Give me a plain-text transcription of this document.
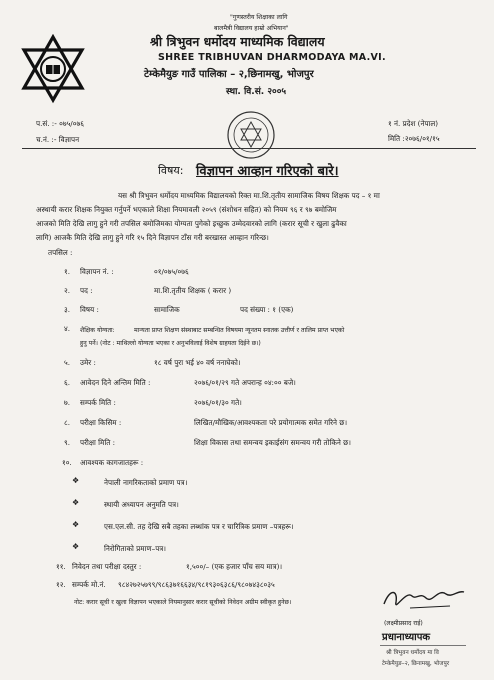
"गुणस्तरीय शिक्षाका लागि
बालमैत्री विद्यालय हाम्रो अभियान"
श्री त्रिभुवन धर्मोदय माध्यमिक विद्यालय
SHREE TRIBHUVAN DHARMODAYA MA.VI.
टेम्केमैयुङ गाउँ पालिका – २,छिनामखु, भोजपुर
स्था. वि.सं. २००५
प.सं. :- ०७५/०७६
च.नं. :- विज्ञापन
१ नं. प्रदेश (नेपाल)
मिति :२०७६/०१/१५
विषय: विज्ञापन आव्हान गरिएको बारे।
यस श्री त्रिभुवन धर्मोदय माध्यमिक विद्यालयको रिक्त मा.शि.तृतीय सामाजिक विषय शिक्षक पद – १ मा
अस्थायी करार शिक्षक नियुक्त गर्नुपर्ने भएकाले शिक्षा नियमावली २०५९ (संशोधन सहित) को नियम ९६ र ९७ बमोजिम
आजको मिति देखि लागु हुने गरी तपसिल बमोजिमका योग्यता पुगेको इच्छुक उम्मेदवारको लागि (करार सूची र खुला ढुवैका
लागि) आजकै मिति देखि लागु हुने गरि १५ दिने विज्ञापन टाँस गरी बरखास्त आव्हान गरिन्छ।
तपसिल :
१. विज्ञापन नं. :	०१/०७५/०७६
२. पद :	मा.शि.तृतीय शिक्षक ( करार )
३. विषय :	सामाजिक	पद संख्या : १ (एक)
४. शैक्षिक योग्यता:	मान्यता प्राप्त शिक्षण संस्थाबाट सम्बन्धित विषयमा न्यूनतम स्नातक उत्तीर्ण र तालिम प्राप्त भएको
हुनु पर्ने। (नोट : माथिल्लो योग्यता भएका र अनुभविलाई विशेष ग्राहयता दिईने छ।)
५. उमेर :	१८ वर्ष पुरा भई ४० वर्ष ननाघेको।
६. आवेदन दिने अन्तिम मिति :	२०७६/०१/२९ गते अपरान्ह ०४:०० बजे।
७. सम्पर्क मिति :	२०७६/०१/३० गते।
८. परीक्षा किसिम :	लिखित/मौखिक/आवश्यकता परे प्रयोगात्मक समेत गरिने छ।
९. परीक्षा मिति :	शिक्षा विकास तथा समन्वय इकाईसंग समन्वय गरी तोकिने छ।
१०. आवश्यक कागजातहरू :
❖	नेपाली नागरिकताको प्रमाण पत्र।
❖	स्थायी अध्यापन अनुमति पत्र।
❖	एस.एल.सी. तह देखि सबै तहका लब्धांक पत्र र चारित्रिक प्रमाण –पत्रहरू।
❖	निरोगिताको प्रमाण–पत्र।
११. निवेदन तथा परीक्षा दस्तुर :	१,५००/– (एक हजार पाँच सय मात्र)।
१२. सम्पर्क मो.नं. ९८४२७२५७९९/९८६३७१६६३४/९८१९३०६३८६/९८०७४३८०३५
नोट: करार सूची र खुला विज्ञापन भएकाले नियमानुसार करार सूचीको निवेदन अग्रीम स्वीकृत हुनेछ।
(लक्ष्मीप्रसाद राई)
प्रधानाध्यापक
श्री त्रिभुवन धर्मोदय मा वि
टेम्केमैयुङ–२, छिनामखु, भोजपुर
